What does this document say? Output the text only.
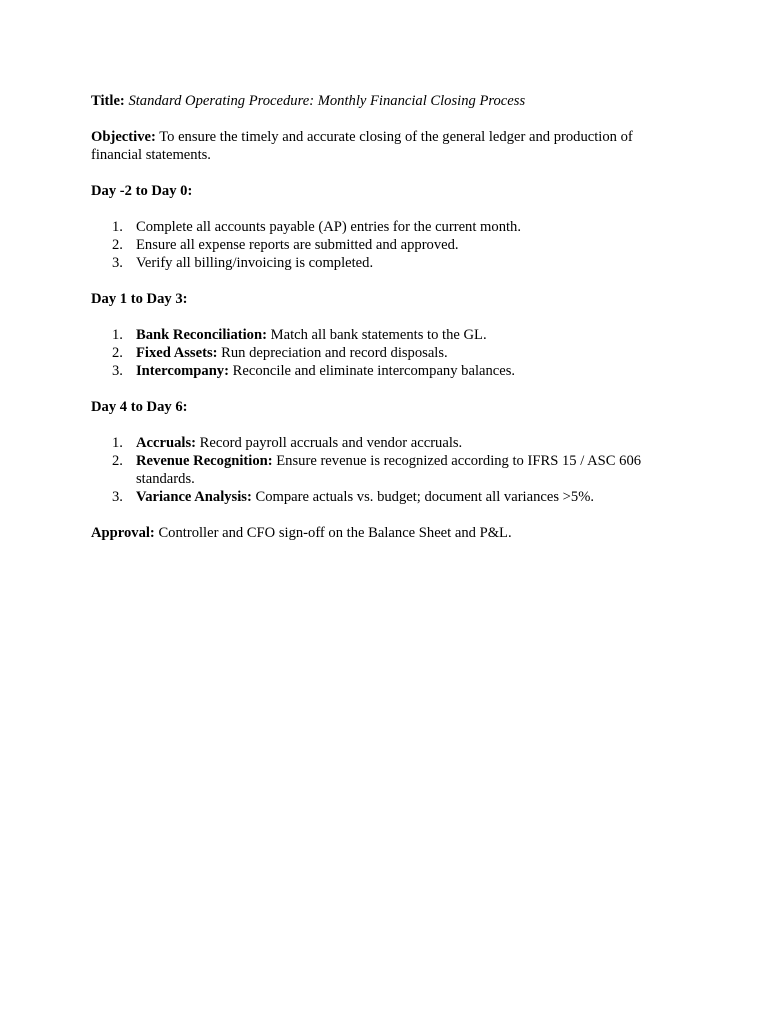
Title: Standard Operating Procedure: Monthly Financial Closing Process

Objective: To ensure the timely and accurate closing of the general ledger and production of financial statements.

Day -2 to Day 0:

1. Complete all accounts payable (AP) entries for the current month.
2. Ensure all expense reports are submitted and approved.
3. Verify all billing/invoicing is completed.

Day 1 to Day 3:

1. Bank Reconciliation: Match all bank statements to the GL.
2. Fixed Assets: Run depreciation and record disposals.
3. Intercompany: Reconcile and eliminate intercompany balances.

Day 4 to Day 6:

1. Accruals: Record payroll accruals and vendor accruals.
2. Revenue Recognition: Ensure revenue is recognized according to IFRS 15 / ASC 606 standards.
3. Variance Analysis: Compare actuals vs. budget; document all variances >5%.

Approval: Controller and CFO sign-off on the Balance Sheet and P&L.
